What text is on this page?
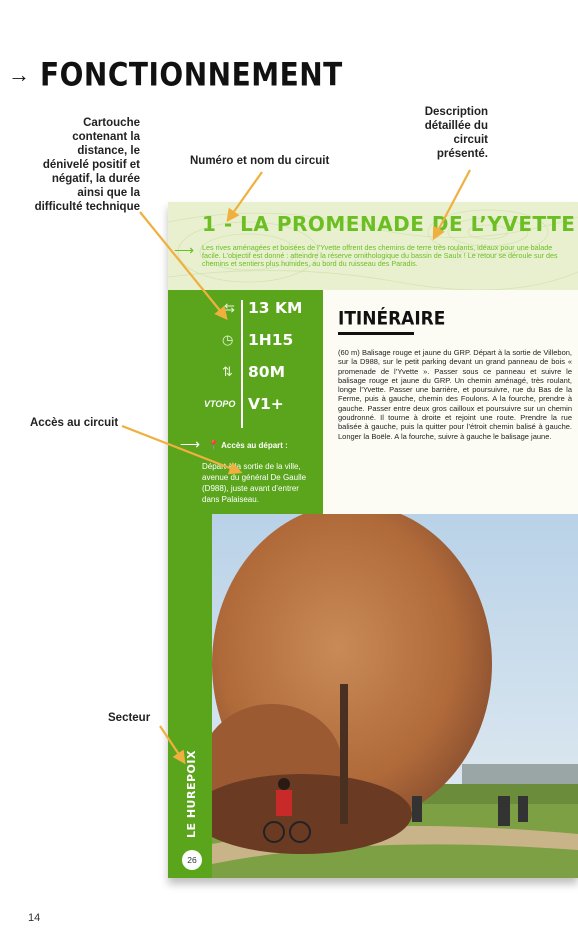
→ FONCTIONNEMENT
Cartouche contenant la distance, le dénivelé positif et négatif, la durée ainsi que la difficulté technique
Numéro et nom du circuit
Description détaillée du circuit présenté.
Accès au circuit
Secteur
⟶
1 - LA PROMENADE DE L’YVETTE
Les rives aménagées et boisées de l’Yvette offrent des chemins de terre très roulants, idéaux pour une balade facile. L’objectif est donné : atteindre la réserve ornithologique du bassin de Saulx ! Le retour se déroule sur des chemins et sentiers plus humides, au bord du ruisseau des Paradis.
⇆ 13 KM
◷ 1H15
⇅ 80M
VTOPO V1+
⟶ 📍 Accès au départ :
Départ à la sortie de la ville, avenue du général De Gaulle (D988), juste avant d’entrer dans Palaiseau.
LE HUREPOIX
26
ITINÉRAIRE
(60 m) Balisage rouge et jaune du GRP. Départ à la sortie de Villebon, sur la D988, sur le petit parking devant un grand panneau de bois « promenade de l’Yvette ». Passer sous ce panneau et suivre le balisage rouge et jaune du GRP. Un chemin aménagé, très roulant, longe l’Yvette. Passer une barrière, et poursuivre, rue du Bas de la Ferme, puis à gauche, chemin des Foulons. A la fourche, prendre à gauche. Passer entre deux gros cailloux et poursuivre sur un chemin goudronné. Il tourne à droite et rejoint une route. Prendre la rue balisée à gauche, puis la quitter pour l’étroit chemin balisé à gauche. Longer la Boële. A la fourche, suivre à gauche le balisage jaune.
14
